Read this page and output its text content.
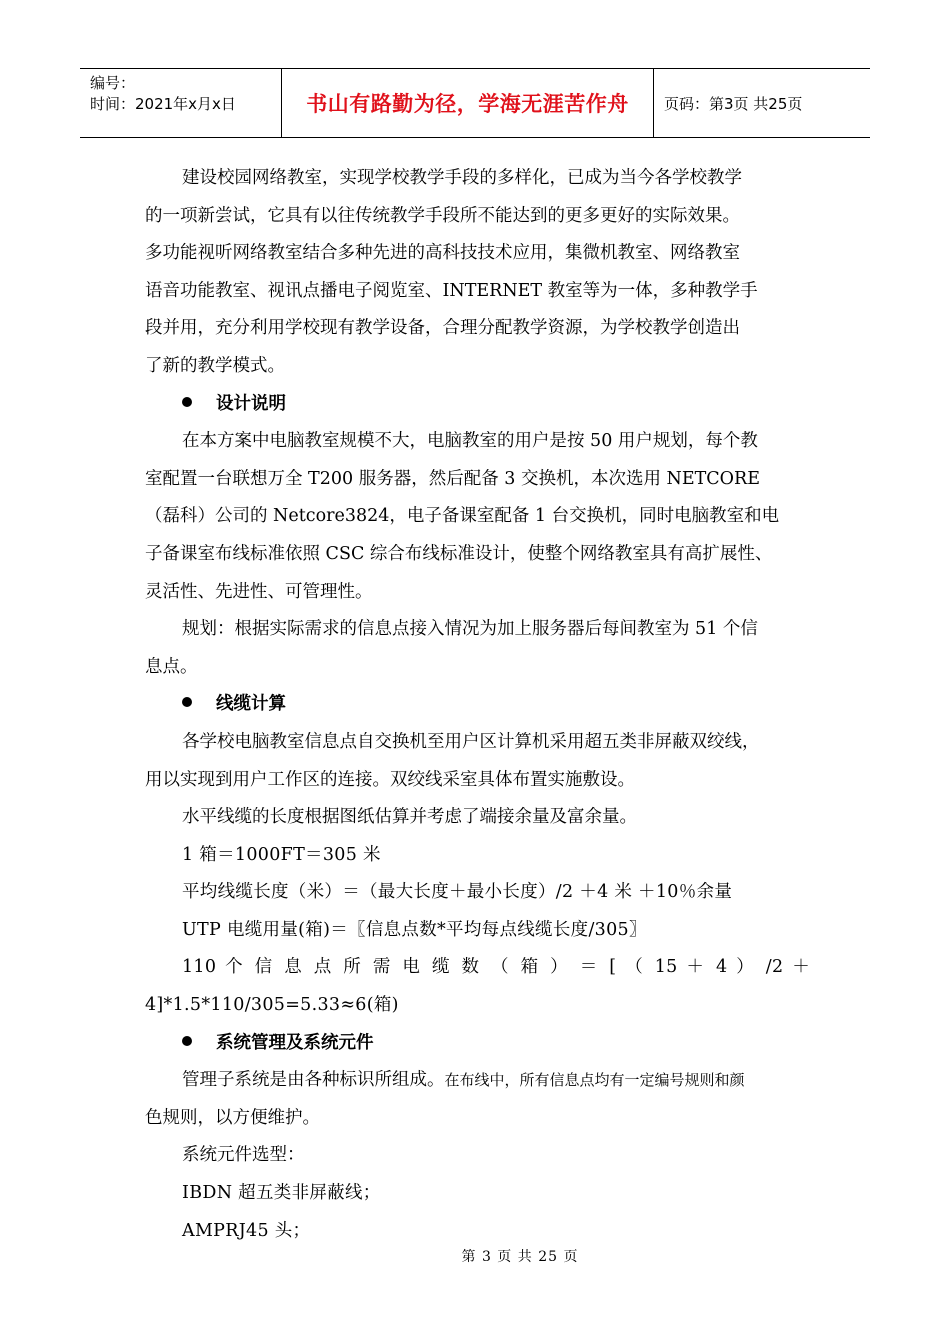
编号：
时间：2021年x月x日	书山有路勤为径，学海无涯苦作舟	页码：第3页 共25页

建设校园网络教室，实现学校教学手段的多样化，已成为当今各学校教学

的一项新尝试，它具有以往传统教学手段所不能达到的更多更好的实际效果。

多功能视听网络教室结合多种先进的高科技技术应用，集微机教室、网络教室

语音功能教室、视讯点播电子阅览室、INTERNET 教室等为一体，多种教学手

段并用，充分利用学校现有教学设备，合理分配教学资源，为学校教学创造出

了新的教学模式。

设计说明

在本方案中电脑教室规模不大，电脑教室的用户是按 50 用户规划，每个教

室配置一台联想万全 T200 服务器，然后配备 3 交换机，本次选用 NETCORE

（磊科）公司的 Netcore3824，电子备课室配备 1 台交换机，同时电脑教室和电

子备课室布线标准依照 CSC 综合布线标准设计，使整个网络教室具有高扩展性、

灵活性、先进性、可管理性。

规划：根据实际需求的信息点接入情况为加上服务器后每间教室为 51 个信

息点。

线缆计算

各学校电脑教室信息点自交换机至用户区计算机采用超五类非屏蔽双绞线，

用以实现到用户工作区的连接。双绞线采室具体布置实施敷设。

水平线缆的长度根据图纸估算并考虑了端接余量及富余量。

1 箱＝1000FT＝305 米

平均线缆长度（米）＝（最大长度＋最小长度）/2 ＋4 米 ＋10％余量

UTP 电缆用量(箱)＝〖信息点数*平均每点线缆长度/305〗

110 个 信 息 点 所 需 电 缆 数 （ 箱 ） ＝ [ （ 15 ＋ 4 ） /2 ＋

4]*1.5*110/305=5.33≈6(箱)

系统管理及系统元件

管理子系统是由各种标识所组成。在布线中，所有信息点均有一定编号规则和颜

色规则，以方便维护。

系统元件选型：

IBDN 超五类非屏蔽线；

AMPRJ45 头；

第 3 页 共 25 页
